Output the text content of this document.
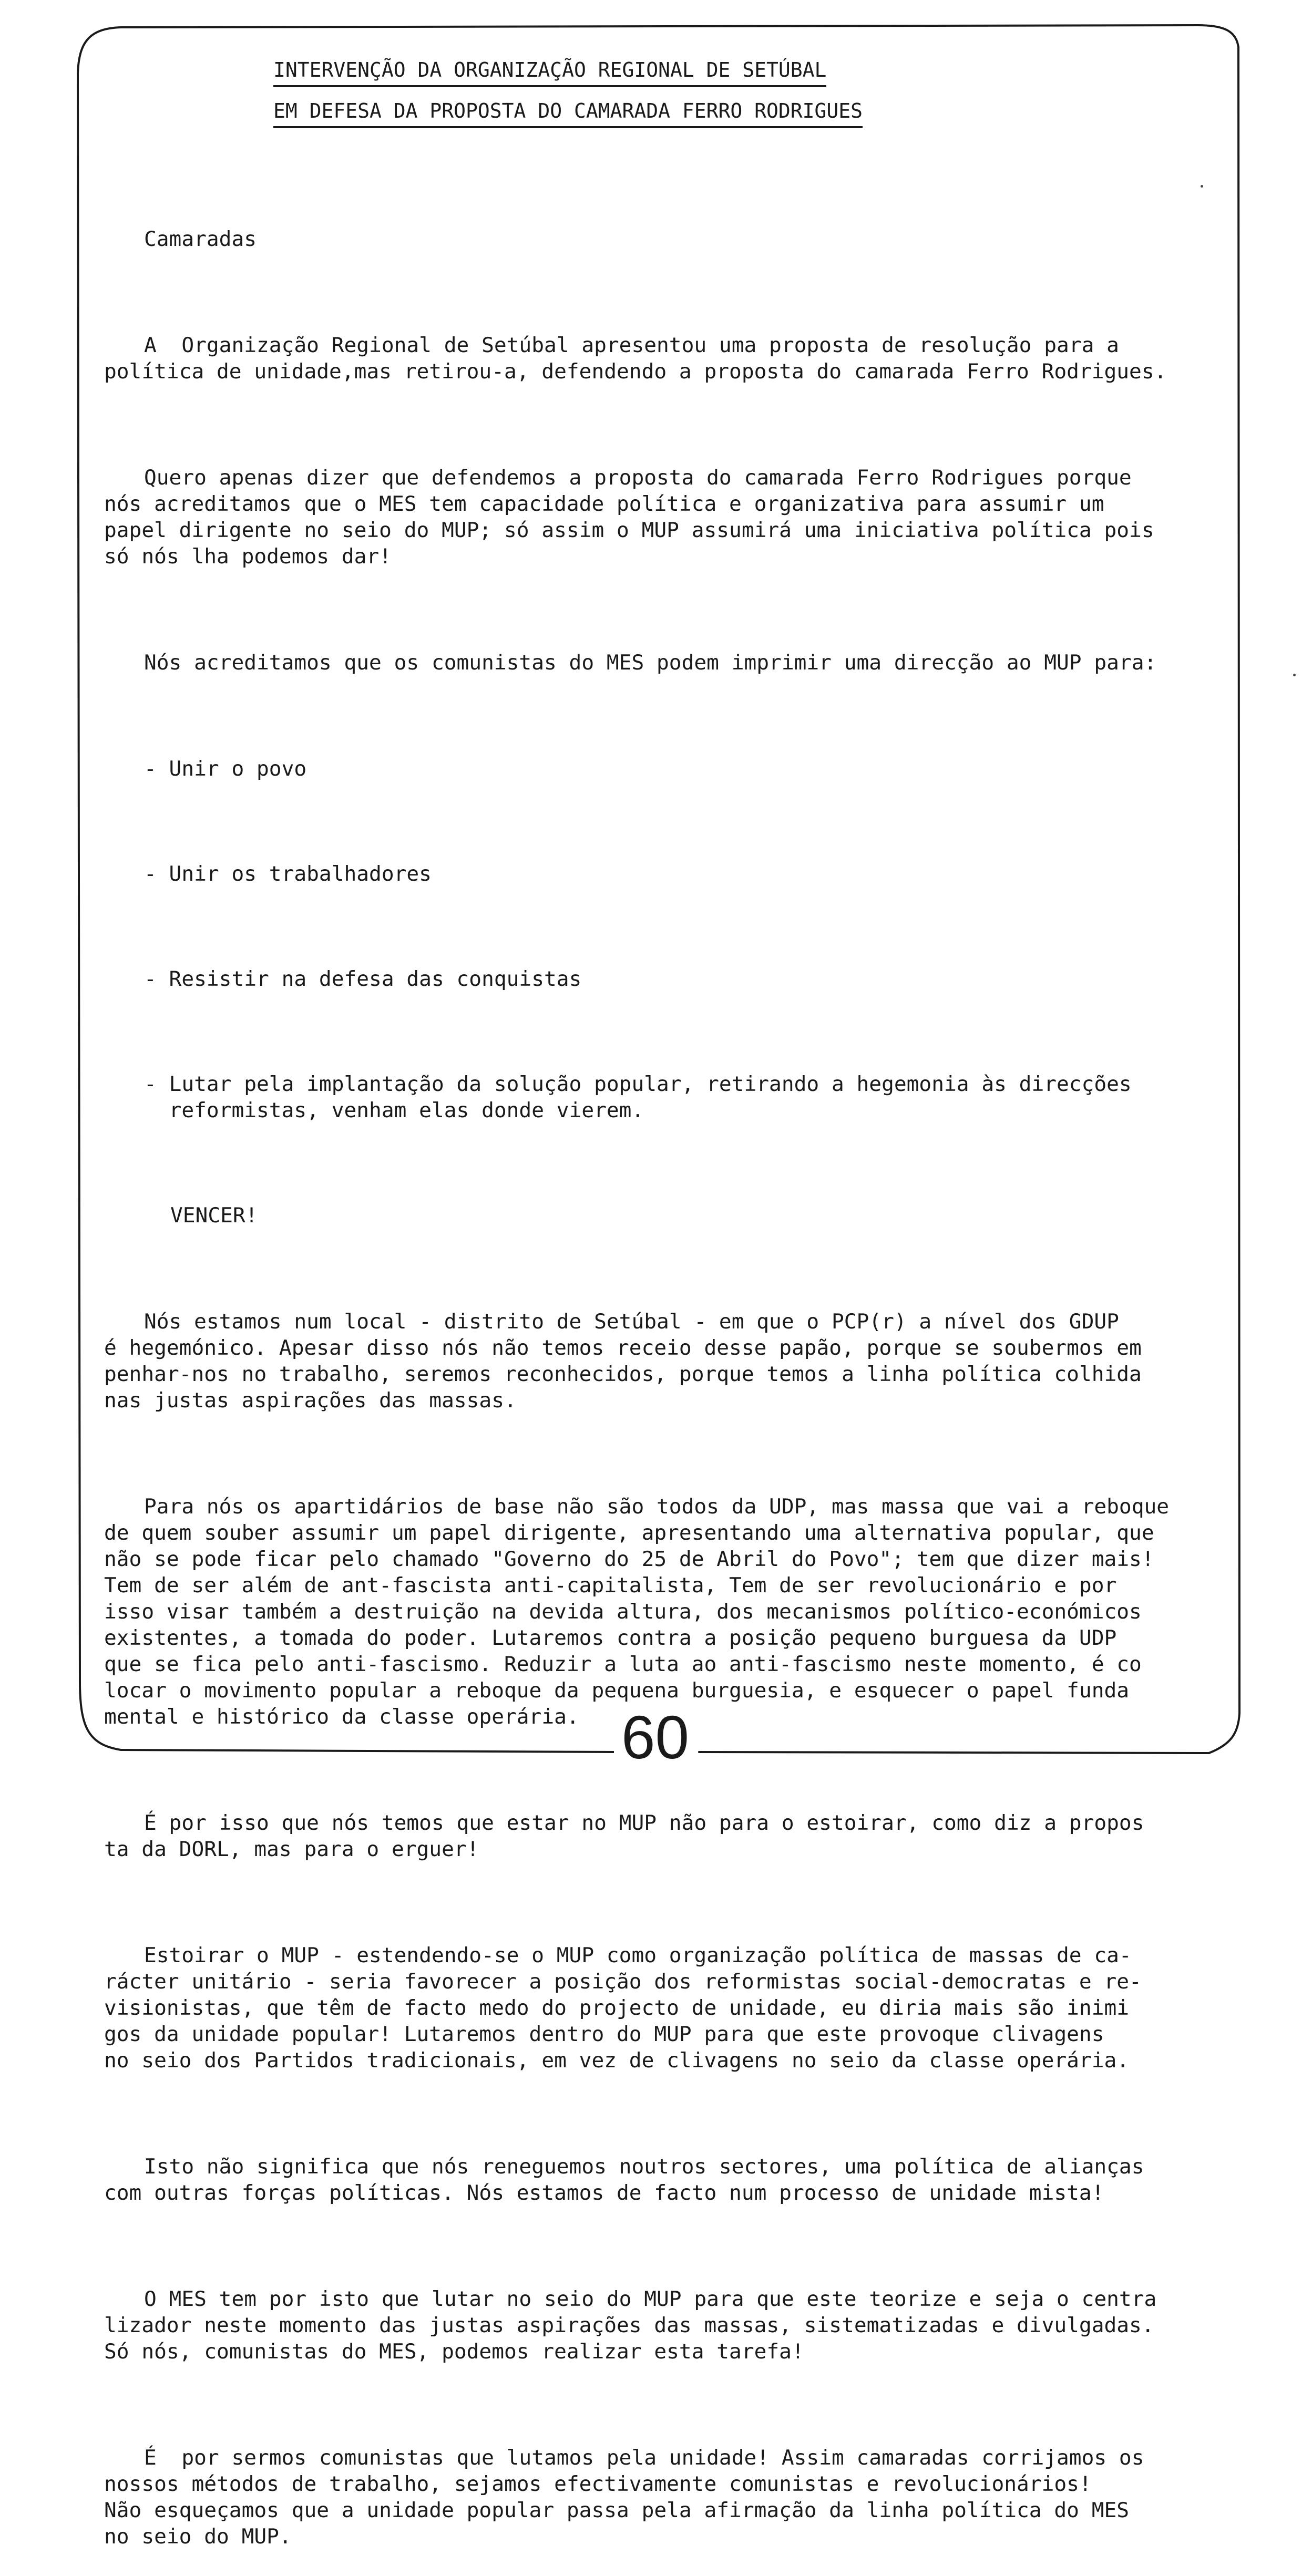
INTERVENÇÃO DA ORGANIZAÇÃO REGIONAL DE SETÚBAL
EM DEFESA DA PROPOSTA DO CAMARADA FERRO RODRIGUES

Camaradas

A  Organização Regional de Setúbal apresentou uma proposta de resolução para a
política de unidade,mas retirou-a, defendendo a proposta do camarada Ferro Rodrigues.

Quero apenas dizer que defendemos a proposta do camarada Ferro Rodrigues porque
nós acreditamos que o MES tem capacidade política e organizativa para assumir um
papel dirigente no seio do MUP; só assim o MUP assumirá uma iniciativa política pois
só nós lha podemos dar!

Nós acreditamos que os comunistas do MES podem imprimir uma direcção ao MUP para:

- Unir o povo

- Unir os trabalhadores

- Resistir na defesa das conquistas

- Lutar pela implantação da solução popular, retirando a hegemonia às direcções
reformistas, venham elas donde vierem.

VENCER!

Nós estamos num local - distrito de Setúbal - em que o PCP(r) a nível dos GDUP
é hegemónico. Apesar disso nós não temos receio desse papão, porque se soubermos em
penhar-nos no trabalho, seremos reconhecidos, porque temos a linha política colhida
nas justas aspirações das massas.

Para nós os apartidários de base não são todos da UDP, mas massa que vai a reboque
de quem souber assumir um papel dirigente, apresentando uma alternativa popular, que
não se pode ficar pelo chamado "Governo do 25 de Abril do Povo"; tem que dizer mais!
Tem de ser além de ant-fascista anti-capitalista, Tem de ser revolucionário e por
isso visar também a destruição na devida altura, dos mecanismos político-económicos
existentes, a tomada do poder. Lutaremos contra a posição pequeno burguesa da UDP
que se fica pelo anti-fascismo. Reduzir a luta ao anti-fascismo neste momento, é co
locar o movimento popular a reboque da pequena burguesia, e esquecer o papel funda
mental e histórico da classe operária.

É por isso que nós temos que estar no MUP não para o estoirar, como diz a propos
ta da DORL, mas para o erguer!

Estoirar o MUP - estendendo-se o MUP como organização política de massas de ca-
rácter unitário - seria favorecer a posição dos reformistas social-democratas e re-
visionistas, que têm de facto medo do projecto de unidade, eu diria mais são inimi
gos da unidade popular! Lutaremos dentro do MUP para que este provoque clivagens
no seio dos Partidos tradicionais, em vez de clivagens no seio da classe operária.

Isto não significa que nós reneguemos noutros sectores, uma política de alianças
com outras forças políticas. Nós estamos de facto num processo de unidade mista!

O MES tem por isto que lutar no seio do MUP para que este teorize e seja o centra
lizador neste momento das justas aspirações das massas, sistematizadas e divulgadas.
Só nós, comunistas do MES, podemos realizar esta tarefa!

É  por sermos comunistas que lutamos pela unidade! Assim camaradas corrijamos os
nossos métodos de trabalho, sejamos efectivamente comunistas e revolucionários!
Não esqueçamos que a unidade popular passa pela afirmação da linha política do MES
no seio do MUP.

60
